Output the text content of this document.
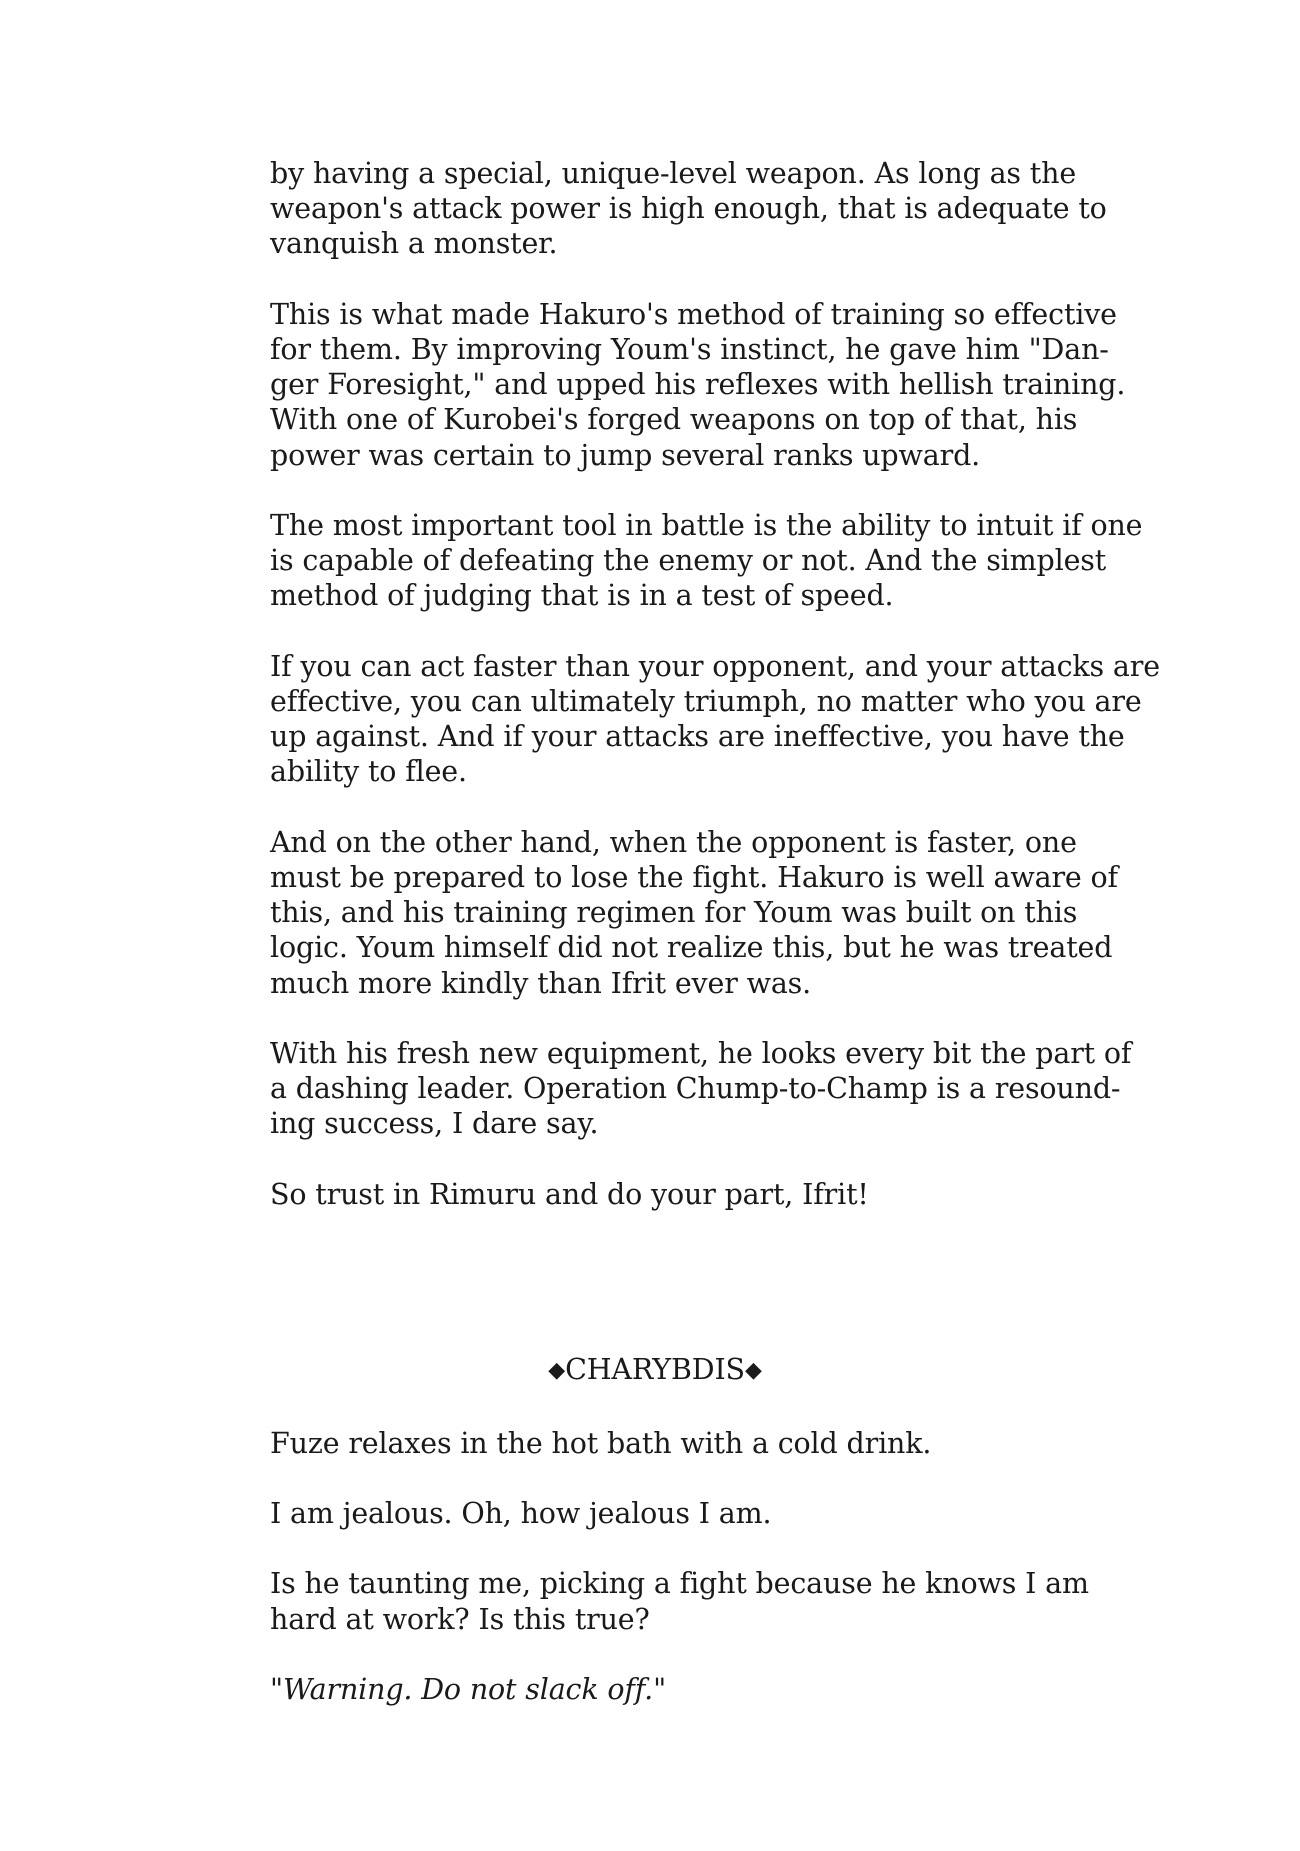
by having a special, unique-level weapon. As long as the
weapon's attack power is high enough, that is adequate to
vanquish a monster.

This is what made Hakuro's method of training so effective
for them. By improving Youm's instinct, he gave him "Dan-
ger Foresight," and upped his reflexes with hellish training.
With one of Kurobei's forged weapons on top of that, his
power was certain to jump several ranks upward.

The most important tool in battle is the ability to intuit if one
is capable of defeating the enemy or not. And the simplest
method of judging that is in a test of speed.

If you can act faster than your opponent, and your attacks are
effective, you can ultimately triumph, no matter who you are
up against. And if your attacks are ineffective, you have the
ability to flee.

And on the other hand, when the opponent is faster, one
must be prepared to lose the fight. Hakuro is well aware of
this, and his training regimen for Youm was built on this
logic. Youm himself did not realize this, but he was treated
much more kindly than Ifrit ever was.

With his fresh new equipment, he looks every bit the part of
a dashing leader. Operation Chump-to-Champ is a resound-
ing success, I dare say.

So trust in Rimuru and do your part, Ifrit!

◆CHARYBDIS◆

Fuze relaxes in the hot bath with a cold drink.

I am jealous. Oh, how jealous I am.

Is he taunting me, picking a fight because he knows I am
hard at work? Is this true?

"Warning. Do not slack off."
